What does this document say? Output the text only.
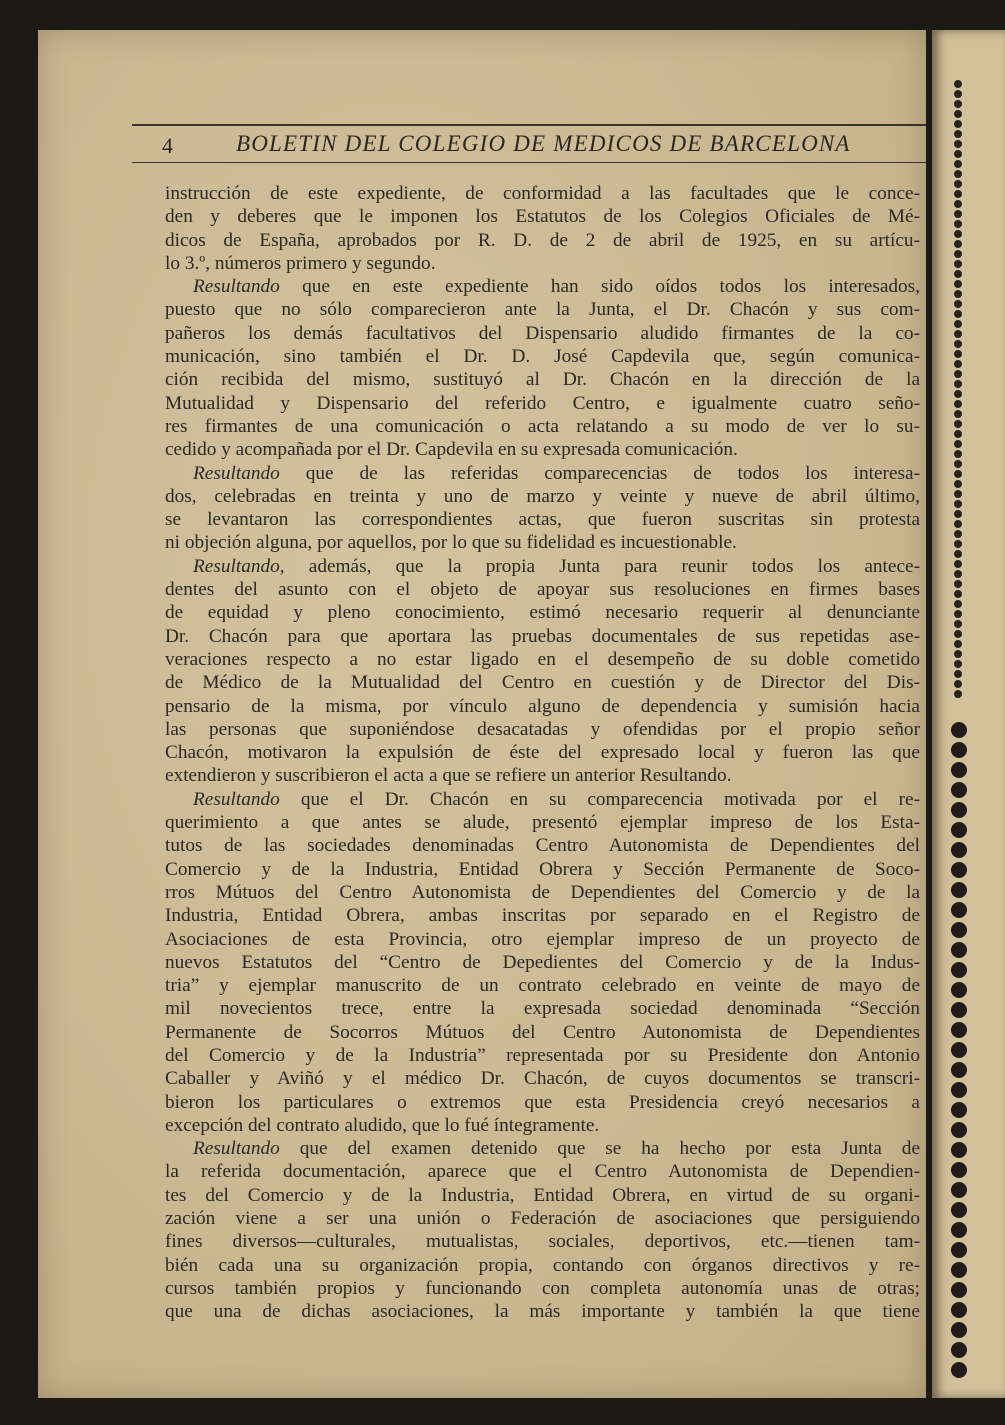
4	BOLETIN DEL COLEGIO DE MEDICOS DE BARCELONA
instrucción de este expediente, de conformidad a las facultades que le conce-
den y deberes que le imponen los Estatutos de los Colegios Oficiales de Mé-
dicos de España, aprobados por R. D. de 2 de abril de 1925, en su artícu-
lo 3.º, números primero y segundo.
Resultando que en este expediente han sido oídos todos los interesados,
puesto que no sólo comparecieron ante la Junta, el Dr. Chacón y sus com-
pañeros los demás facultativos del Dispensario aludido firmantes de la co-
municación, sino también el Dr. D. José Capdevila que, según comunica-
ción recibida del mismo, sustituyó al Dr. Chacón en la dirección de la
Mutualidad y Dispensario del referido Centro, e igualmente cuatro seño-
res firmantes de una comunicación o acta relatando a su modo de ver lo su-
cedido y acompañada por el Dr. Capdevila en su expresada comunicación.
Resultando que de las referidas comparecencias de todos los interesa-
dos, celebradas en treinta y uno de marzo y veinte y nueve de abril último,
se levantaron las correspondientes actas, que fueron suscritas sin protesta
ni objeción alguna, por aquellos, por lo que su fidelidad es incuestionable.
Resultando, además, que la propia Junta para reunir todos los antece-
dentes del asunto con el objeto de apoyar sus resoluciones en firmes bases
de equidad y pleno conocimiento, estimó necesario requerir al denunciante
Dr. Chacón para que aportara las pruebas documentales de sus repetidas ase-
veraciones respecto a no estar ligado en el desempeño de su doble cometido
de Médico de la Mutualidad del Centro en cuestión y de Director del Dis-
pensario de la misma, por vínculo alguno de dependencia y sumisión hacia
las personas que suponiéndose desacatadas y ofendidas por el propio señor
Chacón, motivaron la expulsión de éste del expresado local y fueron las que
extendieron y suscribieron el acta a que se refiere un anterior Resultando.
Resultando que el Dr. Chacón en su comparecencia motivada por el re-
querimiento a que antes se alude, presentó ejemplar impreso de los Esta-
tutos de las sociedades denominadas Centro Autonomista de Dependientes del
Comercio y de la Industria, Entidad Obrera y Sección Permanente de Soco-
rros Mútuos del Centro Autonomista de Dependientes del Comercio y de la
Industria, Entidad Obrera, ambas inscritas por separado en el Registro de
Asociaciones de esta Provincia, otro ejemplar impreso de un proyecto de
nuevos Estatutos del “Centro de Depedientes del Comercio y de la Indus-
tria” y ejemplar manuscrito de un contrato celebrado en veinte de mayo de
mil novecientos trece, entre la expresada sociedad denominada “Sección
Permanente de Socorros Mútuos del Centro Autonomista de Dependientes
del Comercio y de la Industria” representada por su Presidente don Antonio
Caballer y Aviñó y el médico Dr. Chacón, de cuyos documentos se transcri-
bieron los particulares o extremos que esta Presidencia creyó necesarios a
excepción del contrato aludido, que lo fué íntegramente.
Resultando que del examen detenido que se ha hecho por esta Junta de
la referida documentación, aparece que el Centro Autonomista de Dependien-
tes del Comercio y de la Industria, Entidad Obrera, en virtud de su organi-
zación viene a ser una unión o Federación de asociaciones que persiguiendo
fines diversos—culturales, mutualistas, sociales, deportivos, etc.—tienen tam-
bién cada una su organización propia, contando con órganos directivos y re-
cursos también propios y funcionando con completa autonomía unas de otras;
que una de dichas asociaciones, la más importante y también la que tiene
